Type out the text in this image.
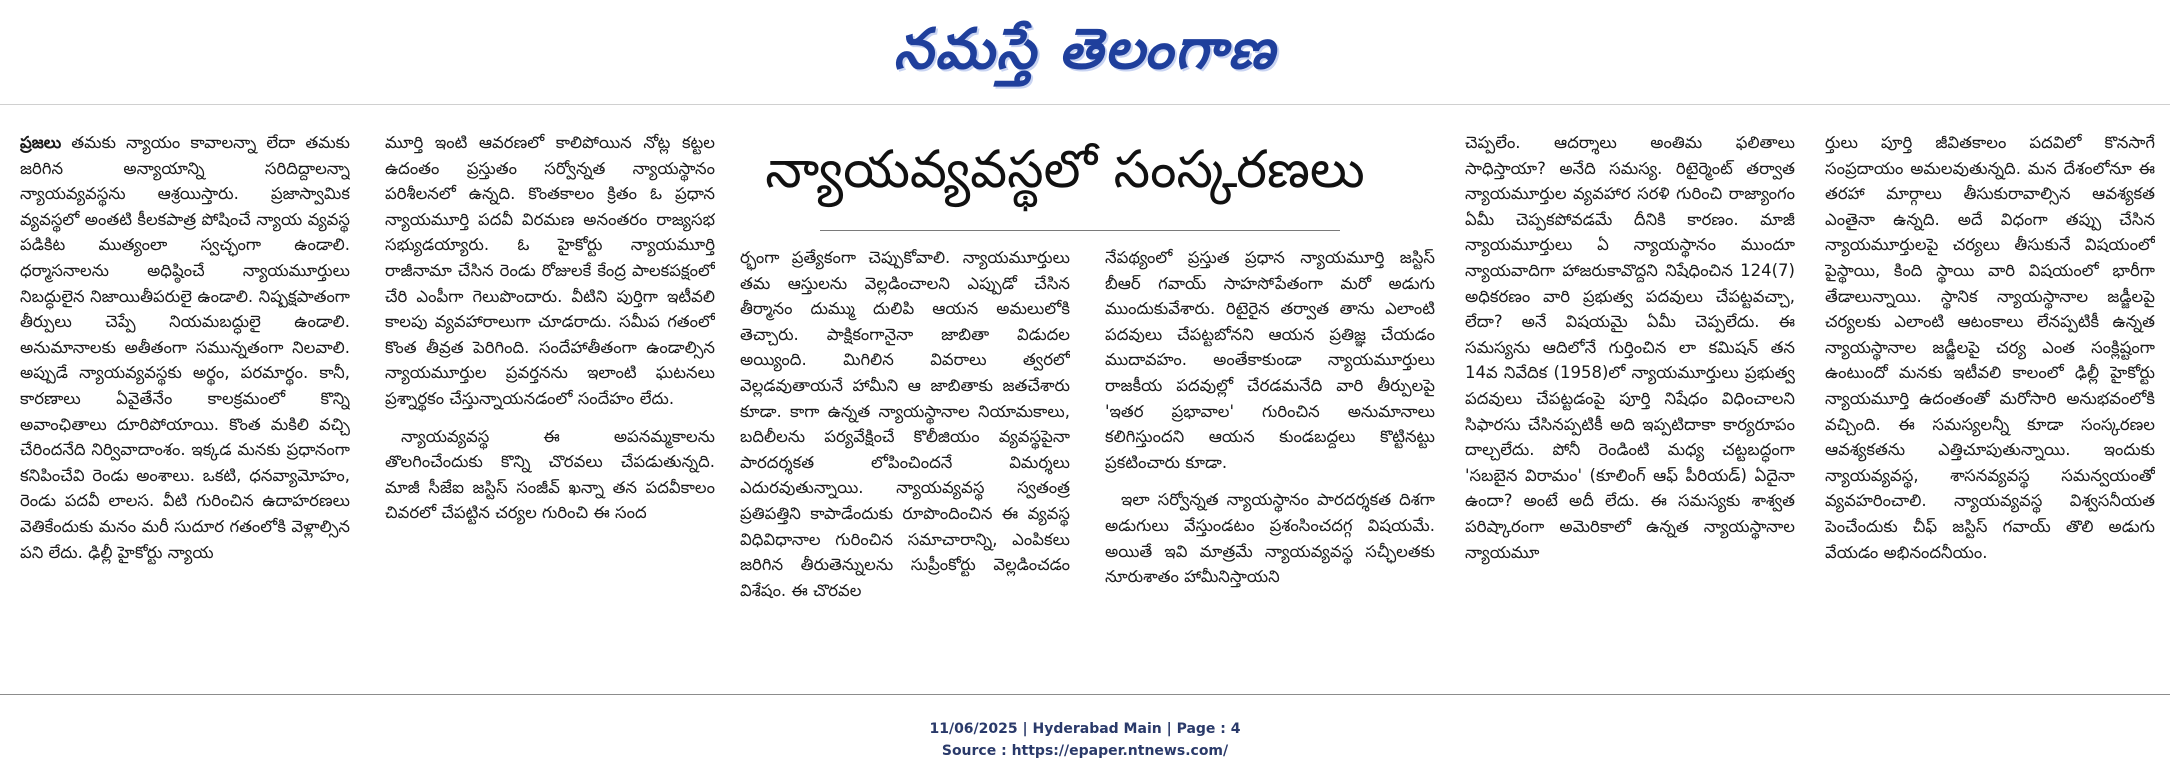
నమస్తే తెలంగాణ

ప్రజలు తమకు న్యాయం కావాలన్నా లేదా తమకు జరిగిన అన్యాయాన్ని సరిదిద్దాలన్నా న్యాయవ్యవస్థను ఆశ్రయిస్తారు. ప్రజాస్వామిక వ్యవస్థలో అంతటి కీలకపాత్ర పోషించే న్యాయ వ్యవస్థ పడికిట ముత్యంలా స్వచ్ఛంగా ఉండాలి. ధర్మాసనాలను అధిష్ఠించే న్యాయమూర్తులు నిబద్ధులైన నిజాయితీపరులై ఉండాలి. నిష్పక్షపాతంగా తీర్పులు చెప్పే నియమబద్ధులై ఉండాలి. అనుమానాలకు అతీతంగా సమున్నతంగా నిలవాలి. అప్పుడే న్యాయవ్యవస్థకు అర్థం, పరమార్థం. కానీ, కారణాలు ఏవైతేనేం కాలక్రమంలో కొన్ని అవాంఛితాలు దూరిపోయాయి. కొంత మకిలి వచ్చి చేరిందనేది నిర్వివాదాంశం. ఇక్కడ మనకు ప్రధానంగా కనిపించేవి రెండు అంశాలు. ఒకటి, ధనవ్యామోహం, రెండు పదవీ లాలస. వీటి గురించిన ఉదాహరణలు వెతికేందుకు మనం మరీ సుదూర గతంలోకి వెళ్లాల్సిన పని లేదు. ఢిల్లీ హైకోర్టు న్యాయ

మూర్తి ఇంటి ఆవరణలో కాలిపోయిన నోట్ల కట్టల ఉదంతం ప్రస్తుతం సర్వోన్నత న్యాయస్థానం పరిశీలనలో ఉన్నది. కొంతకాలం క్రితం ఓ ప్రధాన న్యాయమూర్తి పదవీ విరమణ అనంతరం రాజ్యసభ సభ్యుడయ్యారు. ఓ హైకోర్టు న్యాయమూర్తి రాజీనామా చేసిన రెండు రోజులకే కేంద్ర పాలకపక్షంలో చేరి ఎంపీగా గెలుపొందారు. వీటిని పుర్తిగా ఇటీవలి కాలపు వ్యవహారాలుగా చూడరాదు. సమీప గతంలో కొంత తీవ్రత పెరిగింది. సందేహాతీతంగా ఉండాల్సిన న్యాయమూర్తుల ప్రవర్తనను ఇలాంటి ఘటనలు ప్రశ్నార్థకం చేస్తున్నాయనడంలో సందేహం లేదు.

న్యాయవ్యవస్థ ఈ అపనమ్మకాలను తొలగించేందుకు కొన్ని చొరవలు చేపడుతున్నది. మాజీ సీజేఐ జస్టిస్ సంజీవ్ ఖన్నా తన పదవీకాలం చివరలో చేపట్టిన చర్యల గురించి ఈ సంద

న్యాయవ్యవస్థలో సంస్కరణలు

ర్భంగా ప్రత్యేకంగా చెప్పుకోవాలి. న్యాయమూర్తులు తమ ఆస్తులను వెల్లడించాలని ఎప్పుడో చేసిన తీర్మానం దుమ్ము దులిపి ఆయన అమలులోకి తెచ్చారు. పాక్షికంగానైనా జాబితా విడుదల అయ్యింది. మిగిలిన వివరాలు త్వరలో వెల్లడవుతాయనే హామీని ఆ జాబితాకు జతచేశారు కూడా. కాగా ఉన్నత న్యాయస్థానాల నియామకాలు, బదిలీలను పర్యవేక్షించే కొలీజియం వ్యవస్థపైనా పారదర్శకత లోపించిందనే విమర్శలు ఎదురవుతున్నాయి. న్యాయవ్యవస్థ స్వతంత్ర ప్రతిపత్తిని కాపాడేందుకు రూపొందించిన ఈ వ్యవస్థ విధివిధానాల గురించిన సమాచారాన్ని, ఎంపికలు జరిగిన తీరుతెన్నులను సుప్రీంకోర్టు వెల్లడించడం విశేషం. ఈ చొరవల

నేపథ్యంలో ప్రస్తుత ప్రధాన న్యాయమూర్తి జస్టిస్ బీఆర్ గవాయ్ సాహసోపేతంగా మరో అడుగు ముందుకువేశారు. రిటైరైన తర్వాత తాను ఎలాంటి పదవులు చేపట్టబోనని ఆయన ప్రతిజ్ఞ చేయడం ముదావహం. అంతేకాకుండా న్యాయమూర్తులు రాజకీయ పదవుల్లో చేరడమనేది వారి తీర్పులపై 'ఇతర ప్రభావాల' గురించిన అనుమానాలు కలిగిస్తుందని ఆయన కుండబద్దలు కొట్టినట్టు ప్రకటించారు కూడా.

ఇలా సర్వోన్నత న్యాయస్థానం పారదర్శకత దిశగా అడుగులు వేస్తుండటం ప్రశంసించదగ్గ విషయమే. అయితే ఇవి మాత్రమే న్యాయవ్యవస్థ సచ్ఛీలతకు నూరుశాతం హామీనిస్తాయని

చెప్పలేం. ఆదర్శాలు అంతిమ ఫలితాలు సాధిస్తాయా? అనేది సమస్య. రిటైర్మెంట్ తర్వాత న్యాయమూర్తుల వ్యవహార సరళి గురించి రాజ్యాంగం ఏమీ చెప్పకపోవడమే దీనికి కారణం. మాజీ న్యాయమూర్తులు ఏ న్యాయస్థానం ముందూ న్యాయవాదిగా హాజరుకావొద్దని నిషేధించిన 124(7) అధికరణం వారి ప్రభుత్వ పదవులు చేపట్టవచ్చా, లేదా? అనే విషయమై ఏమీ చెప్పలేదు. ఈ సమస్యను ఆదిలోనే గుర్తించిన లా కమిషన్ తన 14వ నివేదిక (1958)లో న్యాయమూర్తులు ప్రభుత్వ పదవులు చేపట్టడంపై పూర్తి నిషేధం విధించాలని సిఫారసు చేసినప్పటికీ అది ఇప్పటిదాకా కార్యరూపం దాల్చలేదు. పోనీ రెండింటి మధ్య చట్టబద్ధంగా 'సబబైన విరామం' (కూలింగ్ ఆఫ్ పీరియడ్) ఏదైనా ఉందా? అంటే అదీ లేదు. ఈ సమస్యకు శాశ్వత పరిష్కారంగా అమెరికాలో ఉన్నత న్యాయస్థానాల న్యాయమూ

ర్తులు పూర్తి జీవితకాలం పదవిలో కొనసాగే సంప్రదాయం అమలవుతున్నది. మన దేశంలోనూ ఈ తరహా మార్గాలు తీసుకురావాల్సిన ఆవశ్యకత ఎంతైనా ఉన్నది. అదే విధంగా తప్పు చేసిన న్యాయమూర్తులపై చర్యలు తీసుకునే విషయంలో పైస్థాయి, కింది స్థాయి వారి విషయంలో భారీగా తేడాలున్నాయి. స్థానిక న్యాయస్థానాల జడ్జీలపై చర్యలకు ఎలాంటి ఆటంకాలు లేనప్పటికీ ఉన్నత న్యాయస్థానాల జడ్జీలపై చర్య ఎంత సంక్లిష్టంగా ఉంటుందో మనకు ఇటీవలి కాలంలో ఢిల్లీ హైకోర్టు న్యాయమూర్తి ఉదంతంతో మరోసారి అనుభవంలోకి వచ్చింది. ఈ సమస్యలన్నీ కూడా సంస్కరణల ఆవశ్యకతను ఎత్తిచూపుతున్నాయి. ఇందుకు న్యాయవ్యవస్థ, శాసనవ్యవస్థ సమన్వయంతో వ్యవహరించాలి. న్యాయవ్యవస్థ విశ్వసనీయత పెంచేందుకు చీఫ్ జస్టిస్ గవాయ్ తొలి అడుగు వేయడం అభినందనీయం.

11/06/2025 | Hyderabad Main | Page : 4
Source : https://epaper.ntnews.com/
